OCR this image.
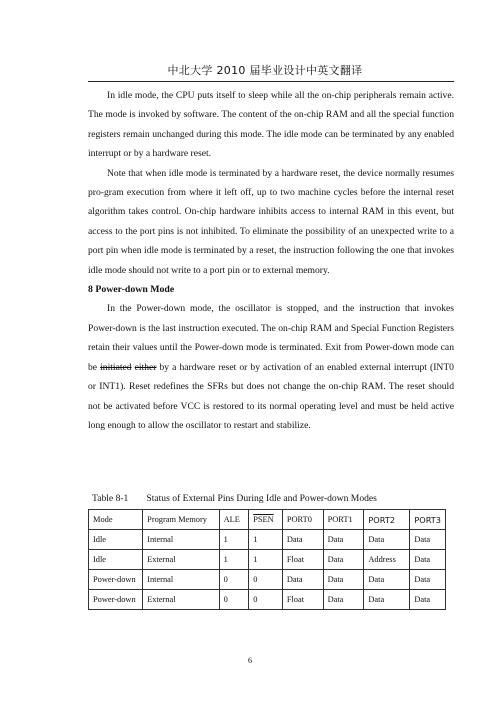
中北大学 2010 届毕业设计中英文翻译

In idle mode, the CPU puts itself to sleep while all the on-chip peripherals remain active. The mode is invoked by software. The content of the on-chip RAM and all the special function registers remain unchanged during this mode. The idle mode can be terminated by any enabled interrupt or by a hardware reset.

Note that when idle mode is terminated by a hardware reset, the device normally resumes pro-gram execution from where it left off, up to two machine cycles before the internal reset algorithm takes control. On-chip hardware inhibits access to internal RAM in this event, but access to the port pins is not inhibited. To eliminate the possibility of an unexpected write to a port pin when idle mode is terminated by a reset, the instruction following the one that invokes idle mode should not write to a port pin or to external memory.

8 Power-down Mode

In the Power-down mode, the oscillator is stopped, and the instruction that invokes Power-down is the last instruction executed. The on-chip RAM and Special Function Registers retain their values until the Power-down mode is terminated. Exit from Power-down mode can be initiated either by a hardware reset or by activation of an enabled external interrupt (INT0 or INT1). Reset redefines the SFRs but does not change the on-chip RAM. The reset should not be activated before VCC is restored to its normal operating level and must be held active long enough to allow the oscillator to restart and stabilize.

Table 8-1 Status of External Pins During Idle and Power-down Modes
Mode	Program Memory	ALE	PSEN	PORT0	PORT1	PORT2	PORT3
Idle	Internal	1	1	Data	Data	Data	Data
Idle	External	1	1	Float	Data	Address	Data
Power-down	Internal	0	0	Data	Data	Data	Data
Power-down	External	0	0	Float	Data	Data	Data
6
